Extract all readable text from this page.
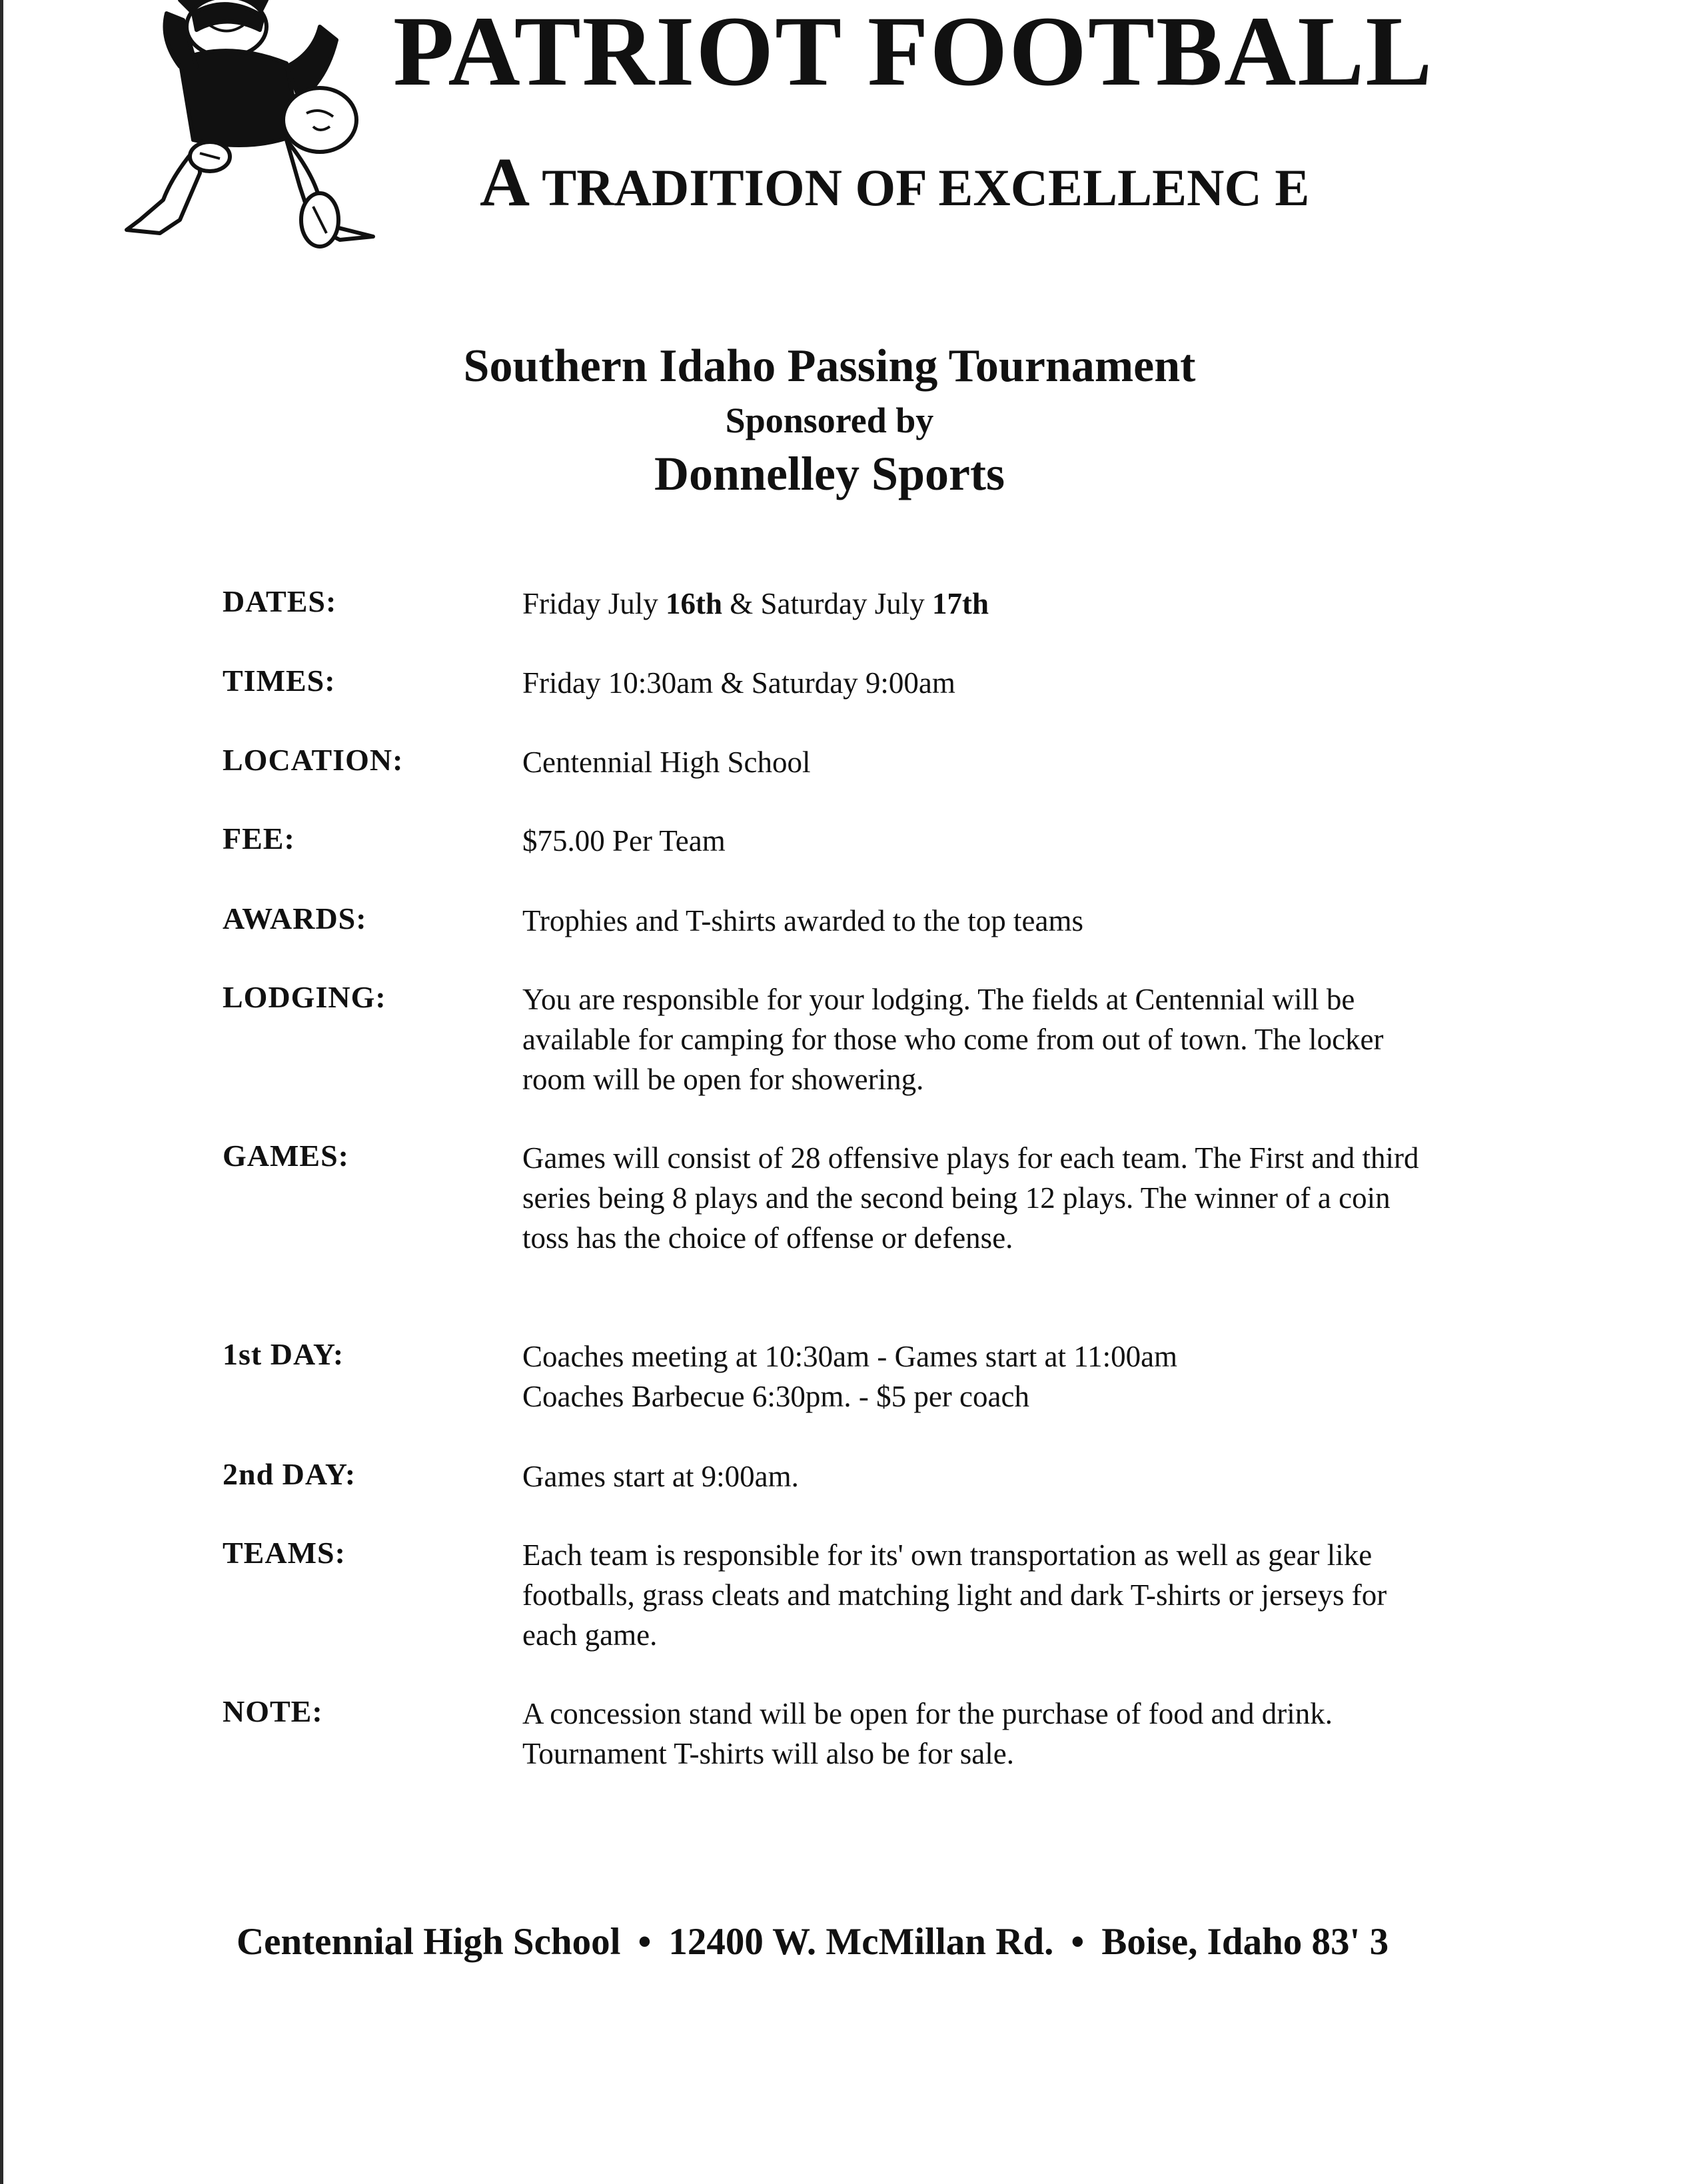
PATRIOT FOOTBALL
A TRADITION OF EXCELLENC E

Southern Idaho Passing Tournament

Sponsored by

Donnelley Sports

DATES:	Friday July 16th & Saturday July 17th
TIMES:	Friday 10:30am & Saturday 9:00am
LOCATION:	Centennial High School
FEE:	$75.00 Per Team
AWARDS:	Trophies and T-shirts awarded to the top teams
LODGING:	You are responsible for your lodging. The fields at Centennial will be available for camping for those who come from out of town. The locker room will be open for showering.
GAMES:	Games will consist of 28 offensive plays for each team. The First and third series being 8 plays and the second being 12 plays. The winner of a coin toss has the choice of offense or defense.
1st DAY:	Coaches meeting at 10:30am - Games start at 11:00am
Coaches Barbecue 6:30pm. - $5 per coach
2nd DAY:	Games start at 9:00am.
TEAMS:	Each team is responsible for its' own transportation as well as gear like footballs, grass cleats and matching light and dark T-shirts or jerseys for each game.
NOTE:	A concession stand will be open for the purchase of food and drink. Tournament T-shirts will also be for sale.

Centennial High School • 12400 W. McMillan Rd. • Boise, Idaho 83' 3
